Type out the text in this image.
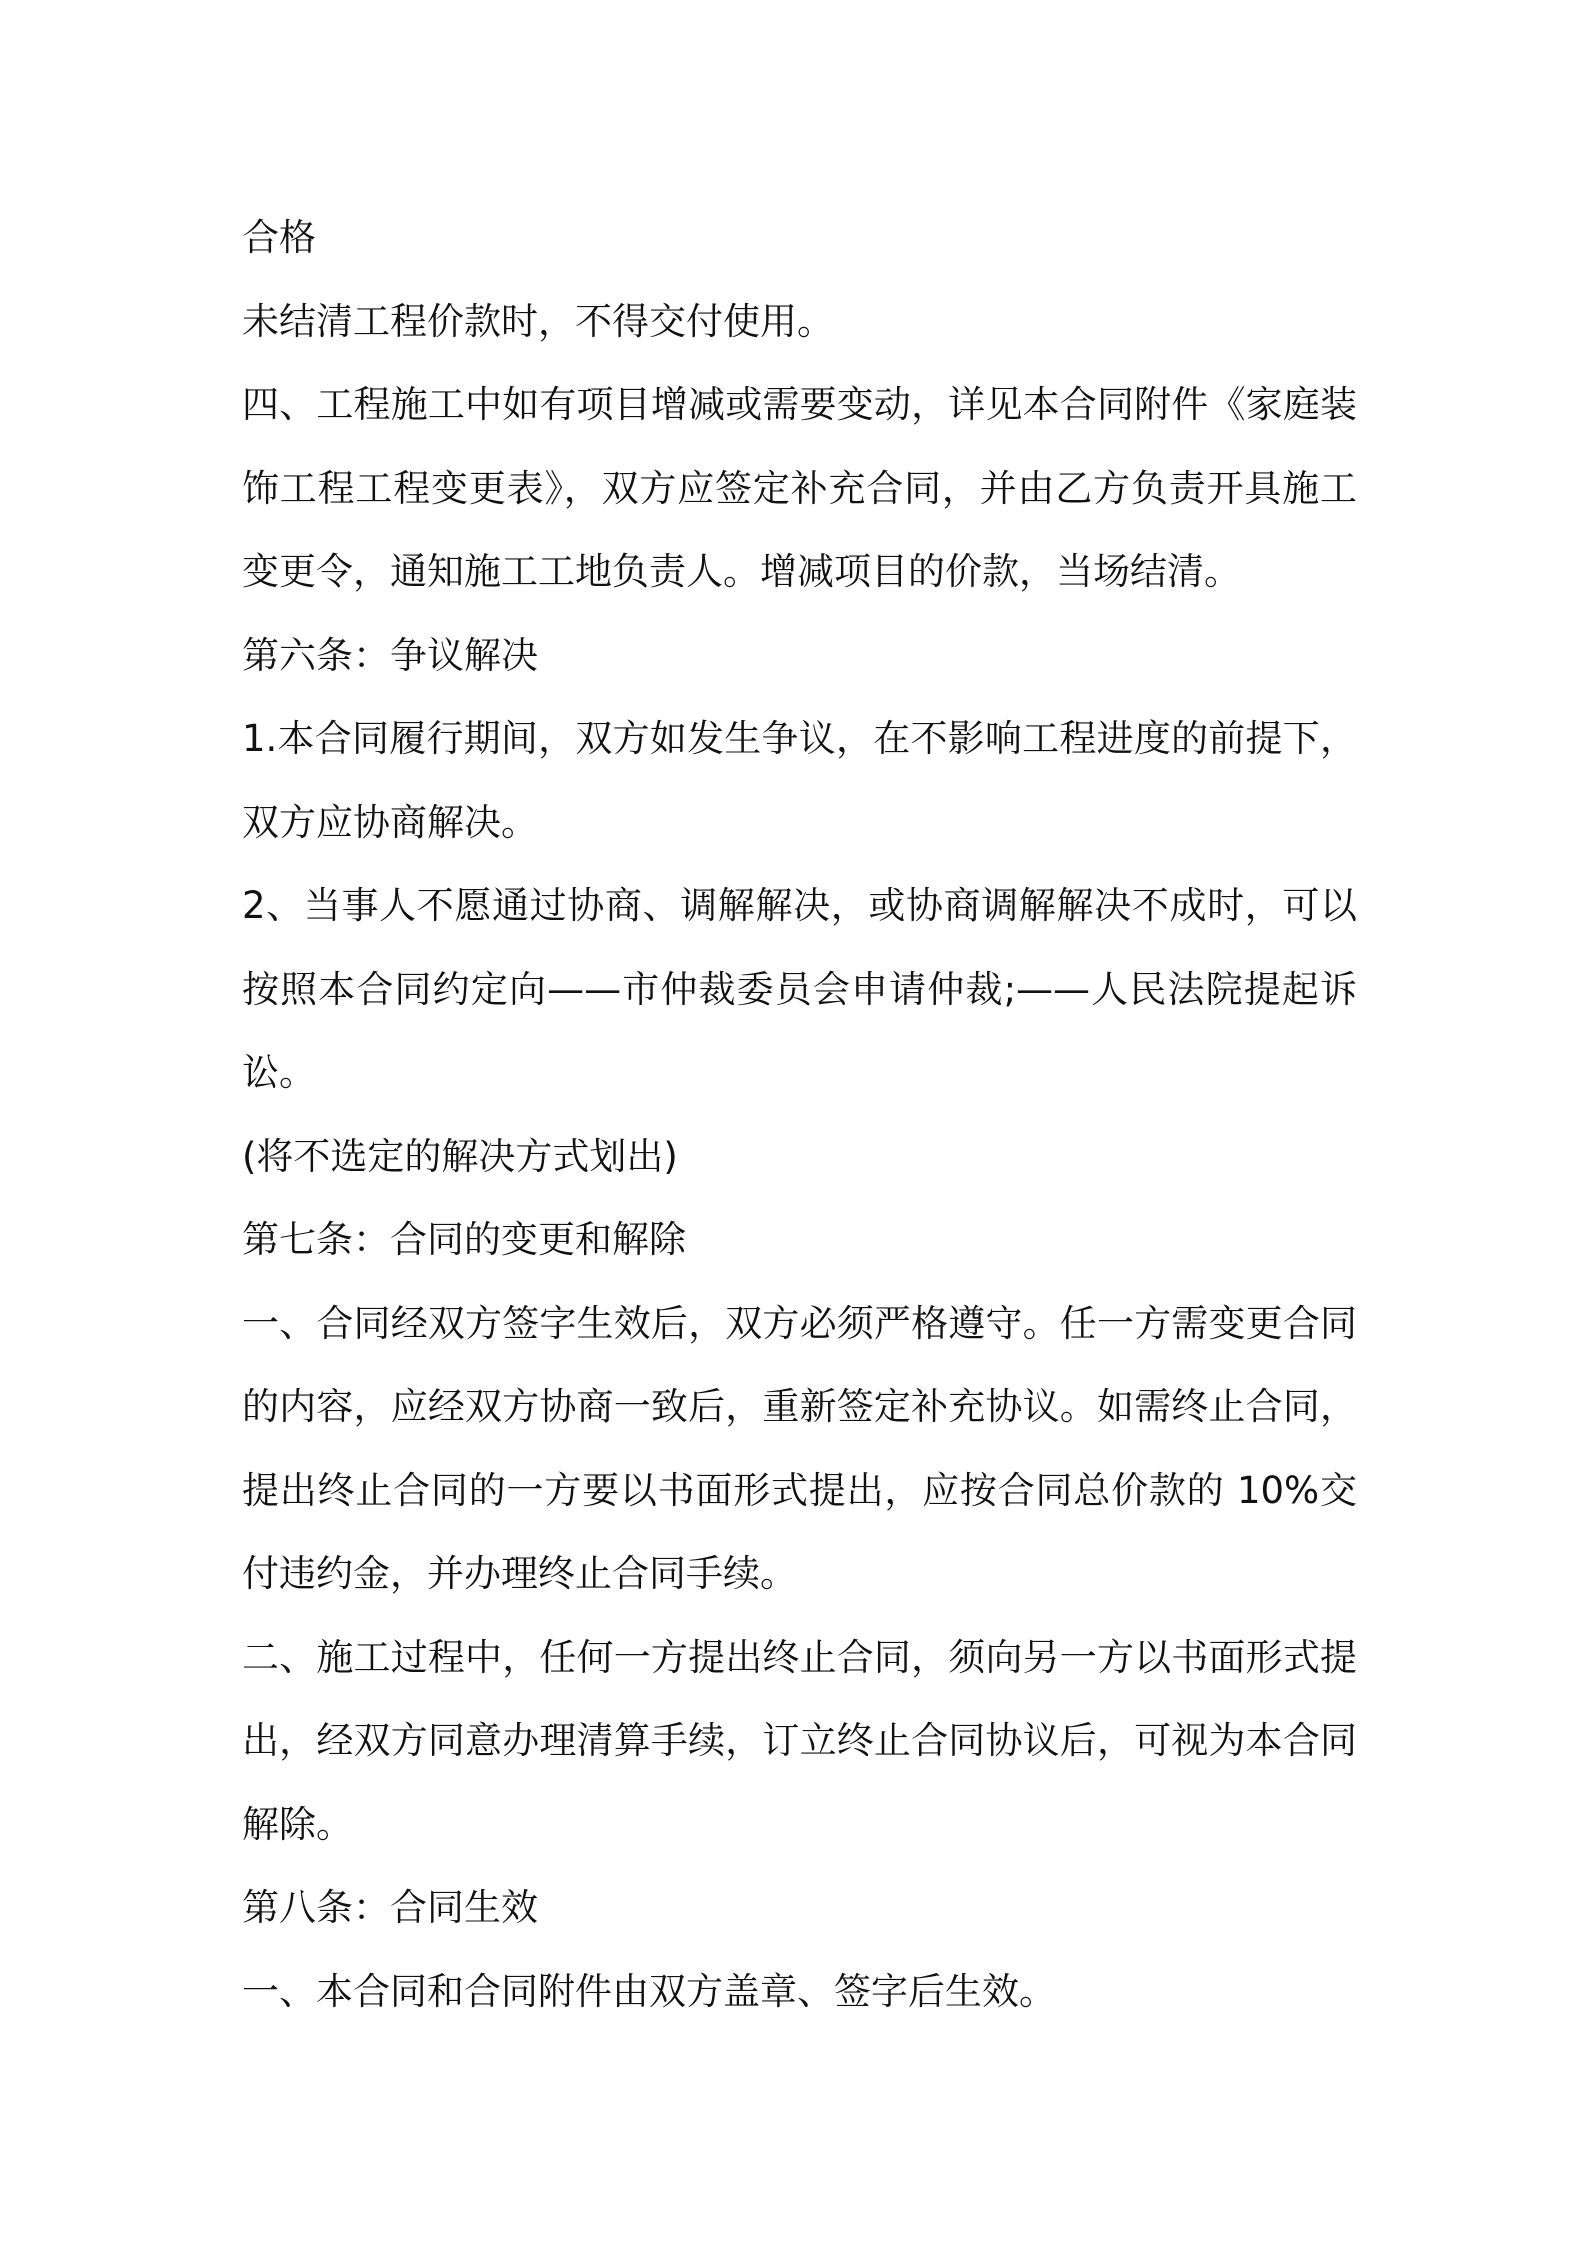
合格

未结清工程价款时，不得交付使用。

四、工程施工中如有项目增减或需要变动，详见本合同附件《家庭装饰工程工程变更表》，双方应签定补充合同，并由乙方负责开具施工变更令，通知施工工地负责人。增减项目的价款，当场结清。

第六条：争议解决

1.本合同履行期间，双方如发生争议，在不影响工程进度的前提下，双方应协商解决。

2、当事人不愿通过协商、调解解决，或协商调解解决不成时，可以按照本合同约定向——市仲裁委员会申请仲裁;——人民法院提起诉讼。

(将不选定的解决方式划出)

第七条：合同的变更和解除

一、合同经双方签字生效后，双方必须严格遵守。任一方需变更合同的内容，应经双方协商一致后，重新签定补充协议。如需终止合同，提出终止合同的一方要以书面形式提出，应按合同总价款的 10%交付违约金，并办理终止合同手续。

二、施工过程中，任何一方提出终止合同，须向另一方以书面形式提出，经双方同意办理清算手续，订立终止合同协议后，可视为本合同解除。

第八条：合同生效

一、本合同和合同附件由双方盖章、签字后生效。
